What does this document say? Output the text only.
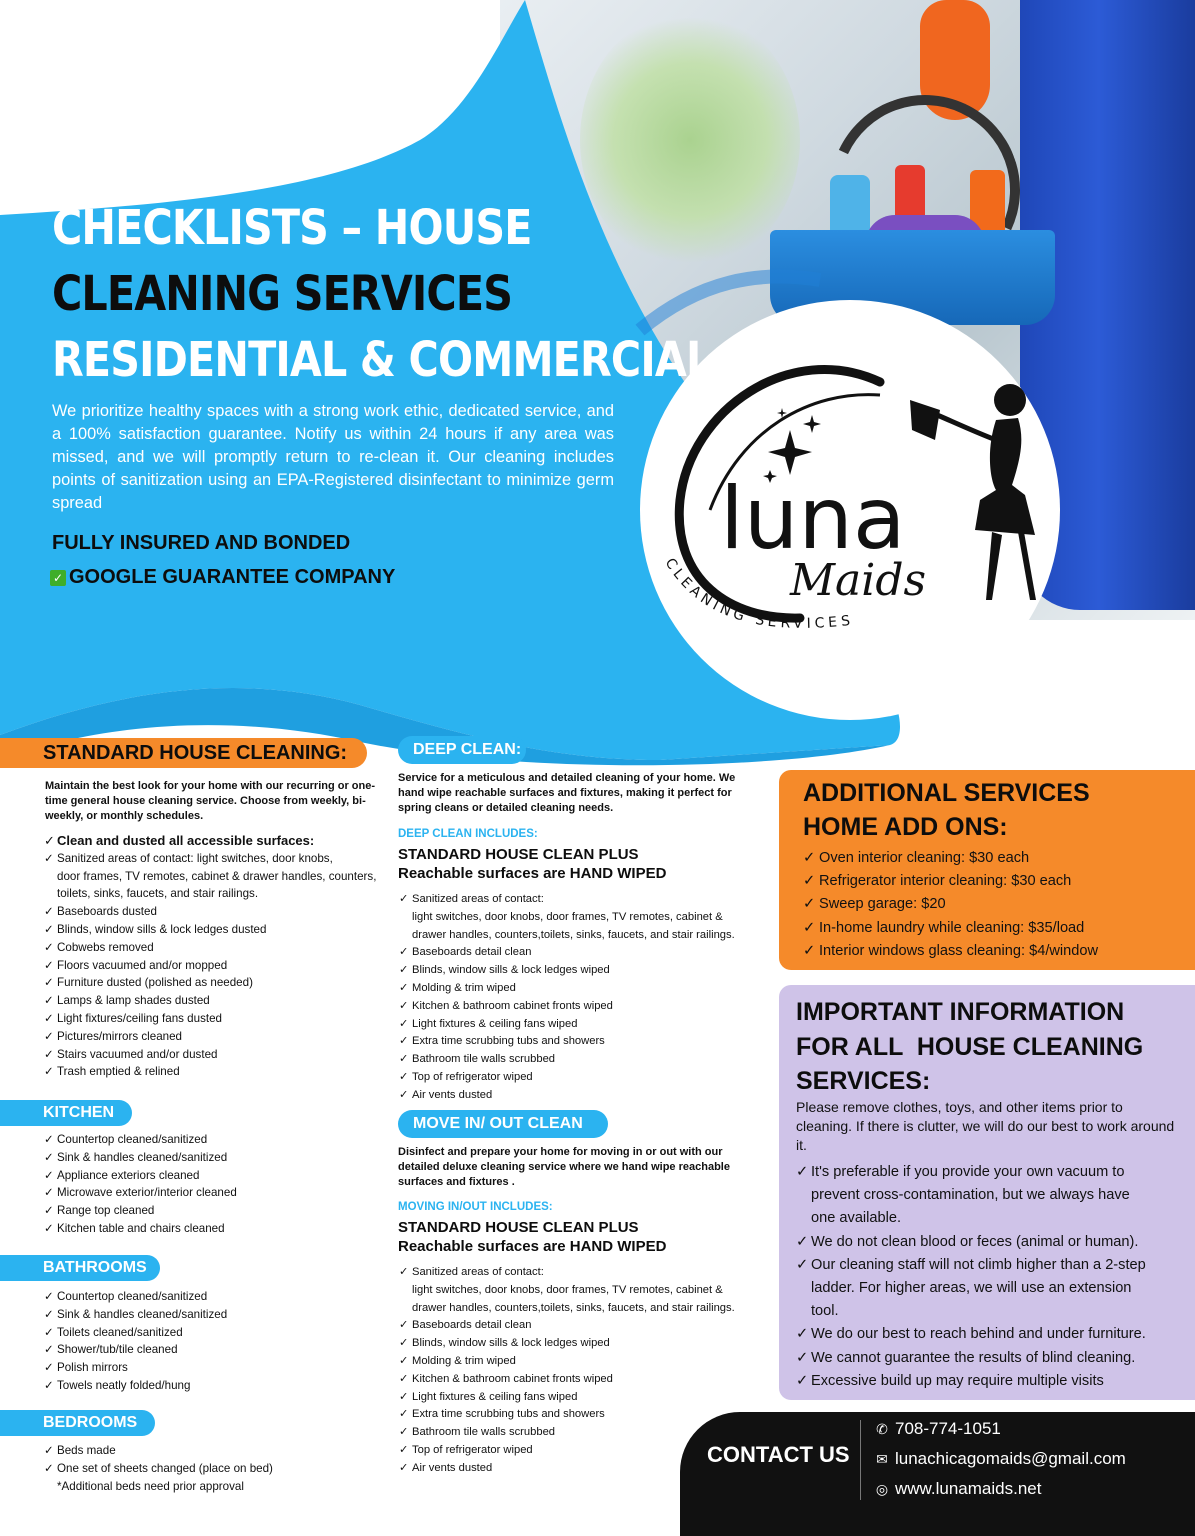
luna
Maids
CLEANING SERVICES
CHECKLISTS – HOUSE
CLEANING SERVICES
RESIDENTIAL & COMMERCIAL

We prioritize healthy spaces with a strong work ethic, dedicated service, and a 100% satisfaction guarantee. Notify us within 24 hours if any area was missed, and we will promptly return to re-clean it. Our cleaning includes points of sanitization using an EPA-Registered disinfectant to minimize germ spread

FULLY INSURED AND BONDED
✓ GOOGLE GUARANTEE COMPANY
STANDARD HOUSE CLEANING:

Maintain the best look for your home with our recurring or one-time general house cleaning service. Choose from weekly, bi-weekly, or monthly schedules.

✓ Clean and dusted all accessible surfaces:
✓ Sanitized areas of contact: light switches, door knobs,
door frames, TV remotes, cabinet & drawer handles, counters,
toilets, sinks, faucets, and stair railings.
✓ Baseboards dusted
✓ Blinds, window sills & lock ledges dusted
✓ Cobwebs removed
✓ Floors vacuumed and/or mopped
✓ Furniture dusted (polished as needed)
✓ Lamps & lamp shades dusted
✓ Light fixtures/ceiling fans dusted
✓ Pictures/mirrors cleaned
✓ Stairs vacuumed and/or dusted
✓ Trash emptied & relined
KITCHEN
✓ Countertop cleaned/sanitized
✓ Sink & handles cleaned/sanitized
✓ Appliance exteriors cleaned
✓ Microwave exterior/interior cleaned
✓ Range top cleaned
✓ Kitchen table and chairs cleaned
BATHROOMS
✓ Countertop cleaned/sanitized
✓ Sink & handles cleaned/sanitized
✓ Toilets cleaned/sanitized
✓ Shower/tub/tile cleaned
✓ Polish mirrors
✓ Towels neatly folded/hung
BEDROOMS
✓ Beds made
✓ One set of sheets changed (place on bed)
*Additional beds need prior approval
DEEP CLEAN:

Service for a meticulous and detailed cleaning of your home. We hand wipe reachable surfaces and fixtures, making it perfect for spring cleans or detailed cleaning needs.

DEEP CLEAN INCLUDES:
STANDARD HOUSE CLEAN PLUS
Reachable surfaces are HAND WIPED
✓ Sanitized areas of contact:
light switches, door knobs, door frames, TV remotes, cabinet &
drawer handles, counters,toilets, sinks, faucets, and stair railings.
✓ Baseboards detail clean
✓ Blinds, window sills & lock ledges wiped
✓ Molding & trim wiped
✓ Kitchen & bathroom cabinet fronts wiped
✓ Light fixtures & ceiling fans wiped
✓ Extra time scrubbing tubs and showers
✓ Bathroom tile walls scrubbed
✓ Top of refrigerator wiped
✓ Air vents dusted
MOVE IN/ OUT CLEAN

Disinfect and prepare your home for moving in or out with our detailed deluxe cleaning service where we hand wipe reachable surfaces and fixtures .

MOVING IN/OUT INCLUDES:
STANDARD HOUSE CLEAN PLUS
Reachable surfaces are HAND WIPED
✓ Sanitized areas of contact:
light switches, door knobs, door frames, TV remotes, cabinet &
drawer handles, counters,toilets, sinks, faucets, and stair railings.
✓ Baseboards detail clean
✓ Blinds, window sills & lock ledges wiped
✓ Molding & trim wiped
✓ Kitchen & bathroom cabinet fronts wiped
✓ Light fixtures & ceiling fans wiped
✓ Extra time scrubbing tubs and showers
✓ Bathroom tile walls scrubbed
✓ Top of refrigerator wiped
✓ Air vents dusted
ADDITIONAL SERVICES
HOME ADD ONS:
✓ Oven interior cleaning: $30 each
✓ Refrigerator interior cleaning: $30 each
✓ Sweep garage: $20
✓ In-home laundry while cleaning: $35/load
✓ Interior windows glass cleaning: $4/window
IMPORTANT INFORMATION
FOR ALL  HOUSE CLEANING
SERVICES:

Please remove clothes, toys, and other items prior to cleaning. If there is clutter, we will do our best to work around it.

✓ It's preferable if you provide your own vacuum to
prevent cross-contamination, but we always have
one available.
✓ We do not clean blood or feces (animal or human).
✓ Our cleaning staff will not climb higher than a 2-step
ladder. For higher areas, we will use an extension
tool.
✓ We do our best to reach behind and under furniture.
✓ We cannot guarantee the results of blind cleaning.
✓ Excessive build up may require multiple visits
CONTACT US
✆ 708-774-1051
✉ lunachicagomaids@gmail.com
◎ www.lunamaids.net
